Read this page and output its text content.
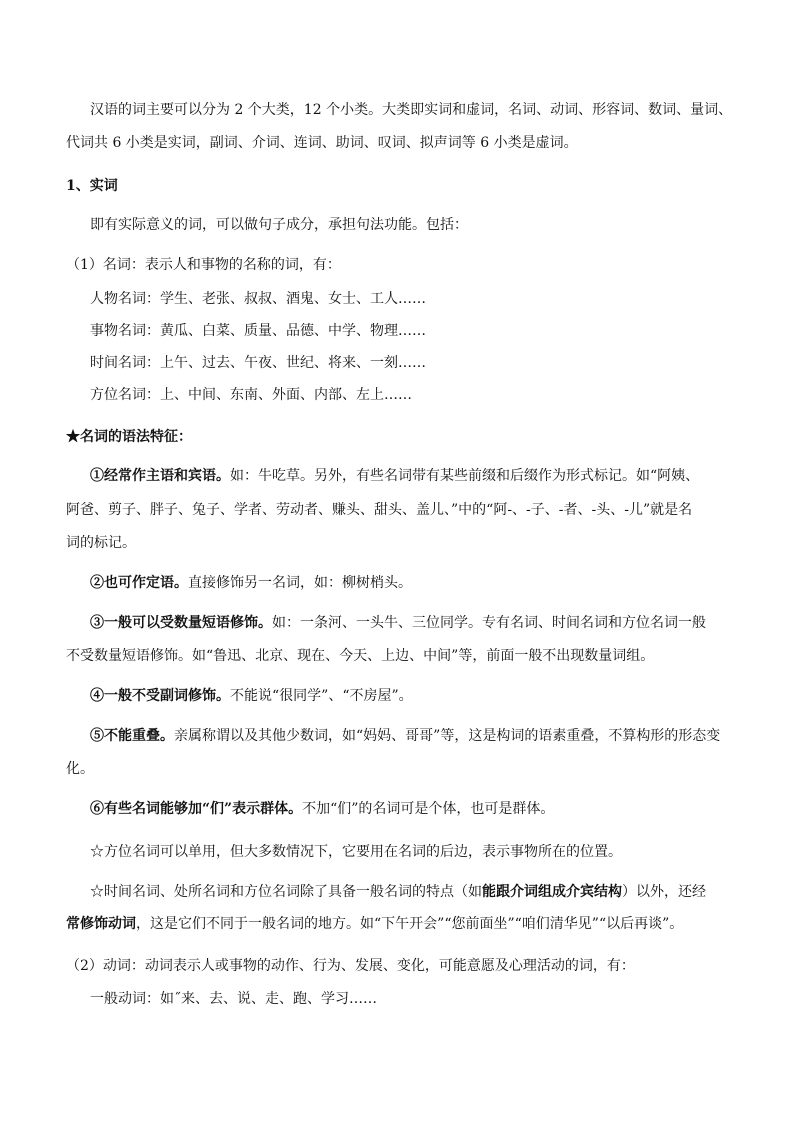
汉语的词主要可以分为 2 个大类，12 个小类。大类即实词和虚词，名词、动词、形容词、数词、量词、
代词共 6 小类是实词，副词、介词、连词、助词、叹词、拟声词等 6 小类是虚词。
1、实词
即有实际意义的词，可以做句子成分，承担句法功能。包括：
（1）名词：表示人和事物的名称的词，有：
人物名词：学生、老张、叔叔、酒鬼、女士、工人……
事物名词：黄瓜、白菜、质量、品德、中学、物理……
时间名词：上午、过去、午夜、世纪、将来、一刻……
方位名词：上、中间、东南、外面、内部、左上……
★名词的语法特征：
①经常作主语和宾语。如：牛吃草。另外，有些名词带有某些前缀和后缀作为形式标记。如“阿姨、
阿爸、剪子、胖子、兔子、学者、劳动者、赚头、甜头、盖儿、”中的“阿-、-子、-者、-头、-儿”就是名
词的标记。
②也可作定语。直接修饰另一名词，如：柳树梢头。
③一般可以受数量短语修饰。如：一条河、一头牛、三位同学。专有名词、时间名词和方位名词一般
不受数量短语修饰。如“鲁迅、北京、现在、今天、上边、中间”等，前面一般不出现数量词组。
④一般不受副词修饰。不能说“很同学”、“不房屋”。
⑤不能重叠。亲属称谓以及其他少数词，如“妈妈、哥哥”等，这是构词的语素重叠，不算构形的形态变
化。
⑥有些名词能够加“们”表示群体。不加“们”的名词可是个体，也可是群体。
☆方位名词可以单用，但大多数情况下，它要用在名词的后边，表示事物所在的位置。
☆时间名词、处所名词和方位名词除了具备一般名词的特点（如能跟介词组成介宾结构）以外，还经
常修饰动词，这是它们不同于一般名词的地方。如“下午开会”“您前面坐”“咱们清华见”“以后再谈”。
（2）动词：动词表示人或事物的动作、行为、发展、变化，可能意愿及心理活动的词，有：
一般动词：如˝来、去、说、走、跑、学习……
